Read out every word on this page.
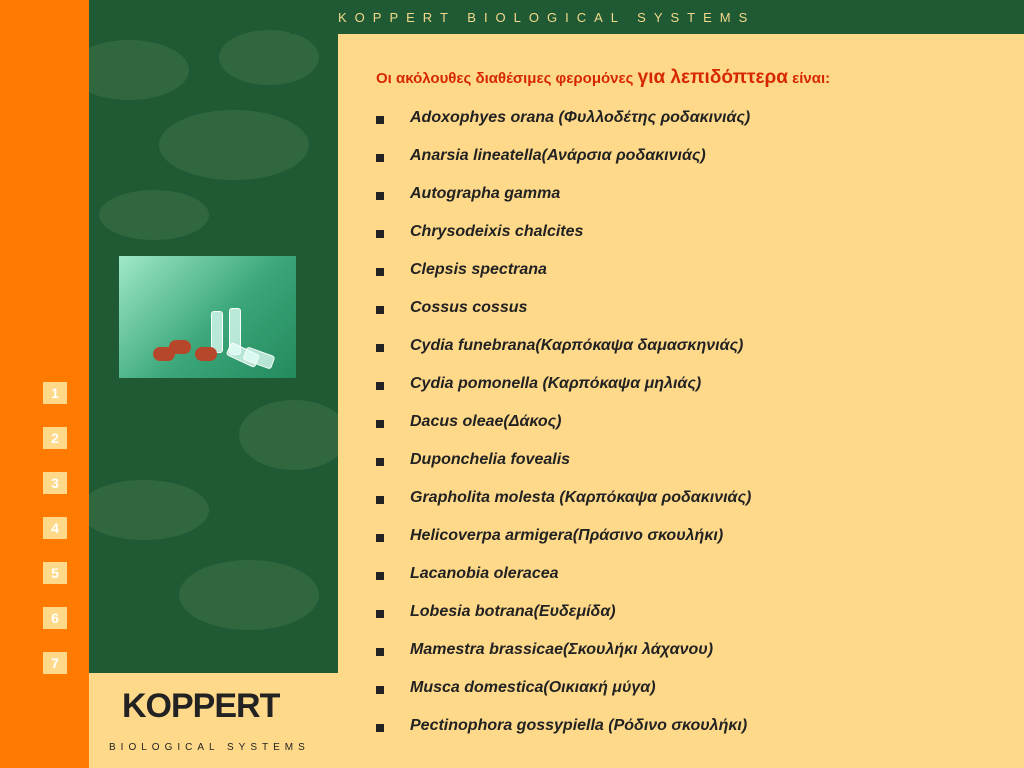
KOPPERT BIOLOGICAL SYSTEMS
1
2
3
4
5
6
7
KOPPERT
BIOLOGICAL SYSTEMS
Οι ακόλουθες διαθέσιμες φερομόνες για λεπιδόπτερα είναι:
Adoxophyes orana (Φυλλοδέτης ροδακινιάς)
Anarsia lineatella(Ανάρσια ροδακινιάς)
Autographa gamma
Chrysodeixis chalcites
Clepsis spectrana
Cossus cossus
Cydia funebrana(Καρπόκαψα δαμασκηνιάς)
Cydia pomonella (Καρπόκαψα μηλιάς)
Dacus oleae(Δάκος)
Duponchelia fovealis
Grapholita molesta (Καρπόκαψα ροδακινιάς)
Helicoverpa armigera(Πράσινο σκουλήκι)
Lacanobia oleracea
Lobesia botrana(Ευδεμίδα)
Mamestra brassicae(Σκουλήκι λάχανου)
Musca domestica(Οικιακή μύγα)
Pectinophora gossypiella (Ρόδινο σκουλήκι)
